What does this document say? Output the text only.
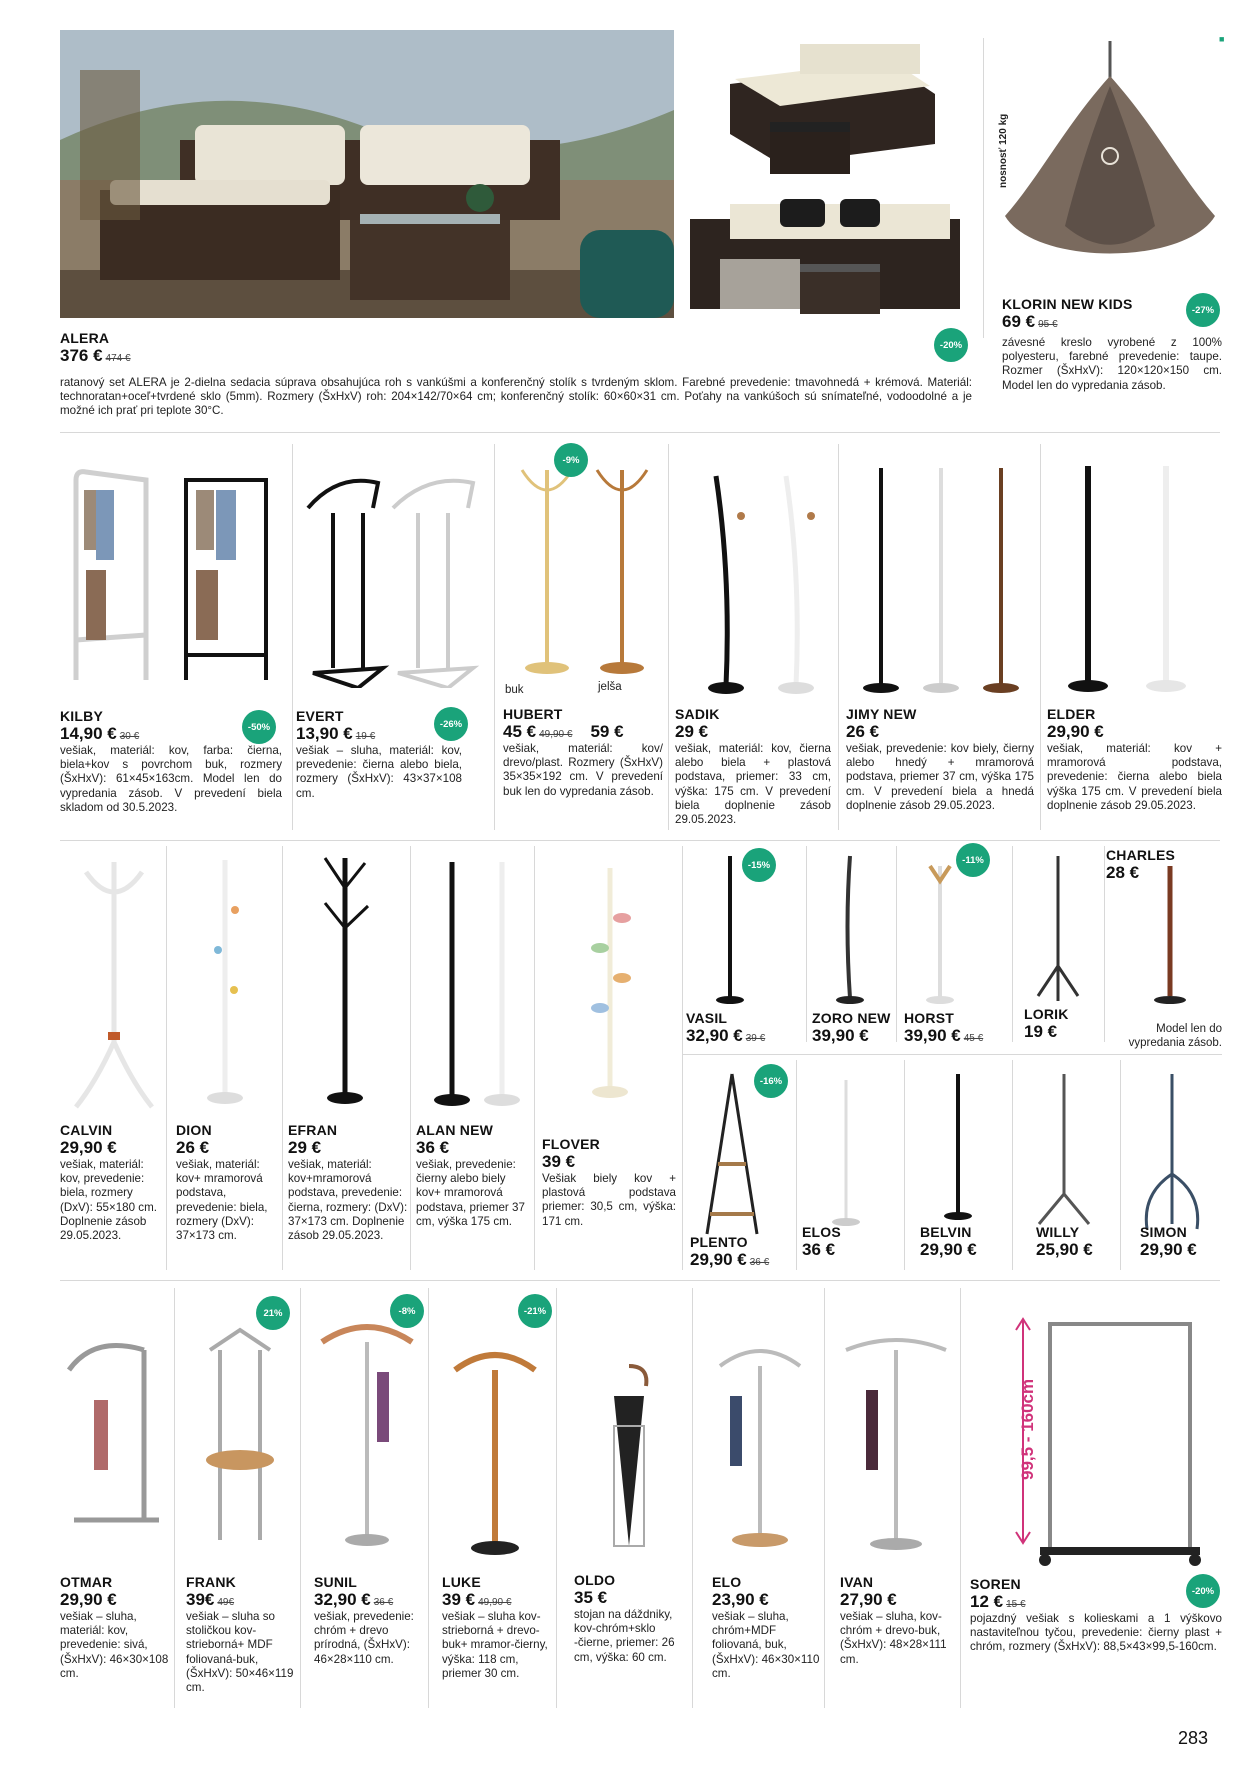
■
nosnosť 120 kg
ALERA
376 € 474 €
ratanový set ALERA je 2-dielna sedacia súprava obsahujúca roh s vankúšmi a konferenčný stolík s tvrdeným sklom. Farebné prevedenie: tmavohnedá + krémová. Materiál: technoratan+oceľ+tvrdené sklo (5mm). Rozmery (ŠxHxV) roh: 204×142/70×64 cm; konferenčný stolík: 60×60×31 cm. Poťahy na vankúšoch sú snímateľné, vodoodolné a je možné ich prať pri teplote 30°C.
-20%
KLORIN NEW KIDS
69 € 95 €
závesné kreslo vyrobené z 100% polyesteru, farebné prevedenie: taupe. Rozmer (ŠxHxV): 120×120×150 cm. Model len do vypredania zásob.
-27%
buk	jelša
KILBY
14,90 € 30 €
vešiak, materiál: kov, farba: čierna, biela+kov s povrchom buk, rozmery (ŠxHxV): 61×45×163cm. Model len do vypredania zásob. V prevedení biela skladom od 30.5.2023.
-50%
EVERT
13,90 € 19 €
vešiak – sluha, materiál: kov, prevedenie: čierna alebo biela, rozmery (ŠxHxV): 43×37×108 cm.
-26%
HUBERT
45 € 49,90 € 59 €
vešiak, materiál: kov/ drevo/plast. Rozmery (ŠxHxV) 35×35×192 cm. V prevedení buk len do vypredania zásob.
-9%
SADIK
29 €
vešiak, materiál: kov, čierna alebo biela + plastová podstava, priemer: 33 cm, výška: 175 cm. V prevedení biela doplnenie zásob 29.05.2023.
JIMY NEW
26 €
vešiak, prevedenie: kov biely, čierny alebo hnedý + mramorová podstava, priemer 37 cm, výška 175 cm. V prevedení biela a hnedá doplnenie zásob 29.05.2023.
ELDER
29,90 €
vešiak, materiál: kov + mramorová podstava, prevedenie: čierna alebo biela výška 175 cm. V prevedení biela doplnenie zásob 29.05.2023.
CALVIN
29,90 €
vešiak, materiál: kov, prevedenie: biela, rozmery (DxV): 55×180 cm. Doplnenie zásob 29.05.2023.
DION
26 €
vešiak, materiál: kov+ mramorová podstava, prevedenie: biela, rozmery (DxV): 37×173 cm.
EFRAN
29 €
vešiak, materiál: kov+mramorová podstava, prevedenie: čierna, rozmery: (DxV): 37×173 cm. Doplnenie zásob 29.05.2023.
ALAN NEW
36 €
vešiak, prevedenie: čierny alebo biely kov+ mramorová podstava, priemer 37 cm, výška 175 cm.
FLOVER
39 €
Vešiak biely kov + plastová podstava priemer: 30,5 cm, výška: 171 cm.
-15%
VASIL
32,90 € 39 €
ZORO NEW
39,90 €
-11%
HORST
39,90 € 45 €
LORIK
19 €
CHARLES
28 €
Model len do vypredania zásob.
-16%
PLENTO
29,90 € 36 €
ELOS
36 €
BELVIN
29,90 €
WILLY
25,90 €
SIMON
29,90 €
99,5 - 160cm
OTMAR
29,90 €
vešiak – sluha, materiál: kov, prevedenie: sivá, (ŠxHxV): 46×30×108 cm.
21%
FRANK
39€ 49€
vešiak – sluha so stoličkou kov-strieborná+ MDF foliovaná-buk, (ŠxHxV): 50×46×119 cm.
-8%
SUNIL
32,90 € 36 €
vešiak, prevedenie: chróm + drevo prírodná, (ŠxHxV): 46×28×110 cm.
-21%
LUKE
39 € 49,90 €
vešiak – sluha kov-strieborná + drevo-buk+ mramor-čierny, výška: 118 cm, priemer 30 cm.
OLDO
35 €
stojan na dáždniky, kov-chróm+sklo -čierne, priemer: 26 cm, výška: 60 cm.
ELO
23,90 €
vešiak – sluha, chróm+MDF foliovaná, buk, (ŠxHxV): 46×30×110 cm.
IVAN
27,90 €
vešiak – sluha, kov-chróm + drevo-buk, (ŠxHxV): 48×28×111 cm.
SOREN
12 € 15 €
pojazdný vešiak s kolieskami a 1 výškovo nastaviteľnou tyčou, prevedenie: čierny plast + chróm, rozmery (ŠxHxV): 88,5×43×99,5-160cm.
-20%
283
